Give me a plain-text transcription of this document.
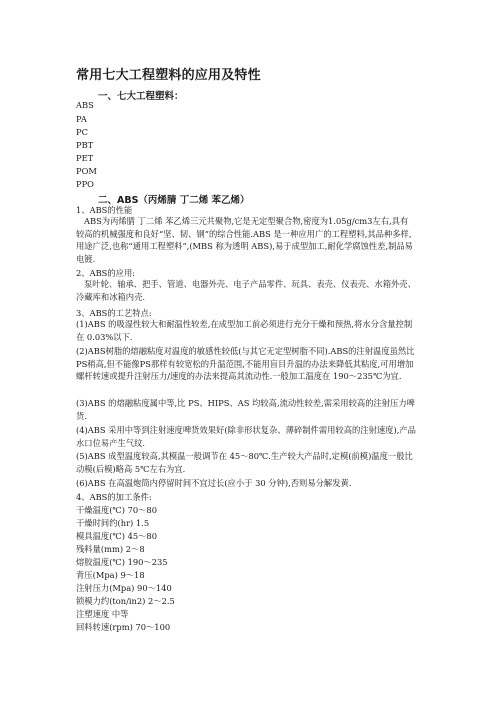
常用七大工程塑料的应用及特性
一、七大工程塑料：
ABS
PA
PC
PBT
PET
POM
PPO
二、ABS（丙烯腈 丁二烯 苯乙烯）
1、ABS的性能
ABS为丙烯腈 丁二烯 苯乙烯三元共聚物,它是无定型聚合物,密度为1.05g/cm3左右,具有较高的机械强度和良好“坚、韧、钢”的综合性能.ABS 是一种应用广的工程塑料,其品种多样,用途广泛,也称“通用工程塑料”,(MBS 称为透明 ABS),易于成型加工,耐化学腐蚀性差,制品易电镀.
2、ABS的应用:
泵叶轮、轴承、把手、管道、电器外壳、电子产品零件、玩具、表壳、仪表壳、水箱外壳、冷藏库和冰箱内壳.
3、ABS的工艺特点:
(1)ABS 的吸湿性较大和耐温性较差,在成型加工前必须进行充分干燥和预热,将水分含量控制在 0.03%以下.
(2)ABS树脂的熔融粘度对温度的敏感性较低(与其它无定型树脂不同).ABS的注射温度虽然比PS稍高,但不能像PS那样有较宽松的升温范围,不能用盲目升温的办法来降低其粘度,可用增加螺杆转速或提升注射压力/速度的办法来提高其流动性.一般加工温度在 190～235℃为宜.
(3)ABS 的熔融粘度属中等,比 PS、HIPS、AS 均较高,流动性较差,需采用较高的注射压力啤货.
(4)ABS 采用中等到注射速度啤货效果好(除非形状复杂、薄碎制件需用较高的注射速度),产品水口位易产生气纹.
(5)ABS 成型温度较高,其模温一般调节在 45～80℃.生产较大产品时,定模(前模)温度一般比动模(后模)略高 5℃左右为宜.
(6)ABS 在高温炮筒内停留时间不宜过长(应小于 30 分钟),否则易分解发黄.
4、ABS的加工条件:
干燥温度(℃) 70～80
干燥时间约(hr) 1.5
模具温度(℃) 45～80
残料量(mm) 2～8
熔胶温度(℃) 190～235
背压(Mpa) 9～18
注射压力(Mpa) 90～140
锁模力约(ton/in2) 2～2.5
注塑速度 中等
回料转速(rpm) 70～100
